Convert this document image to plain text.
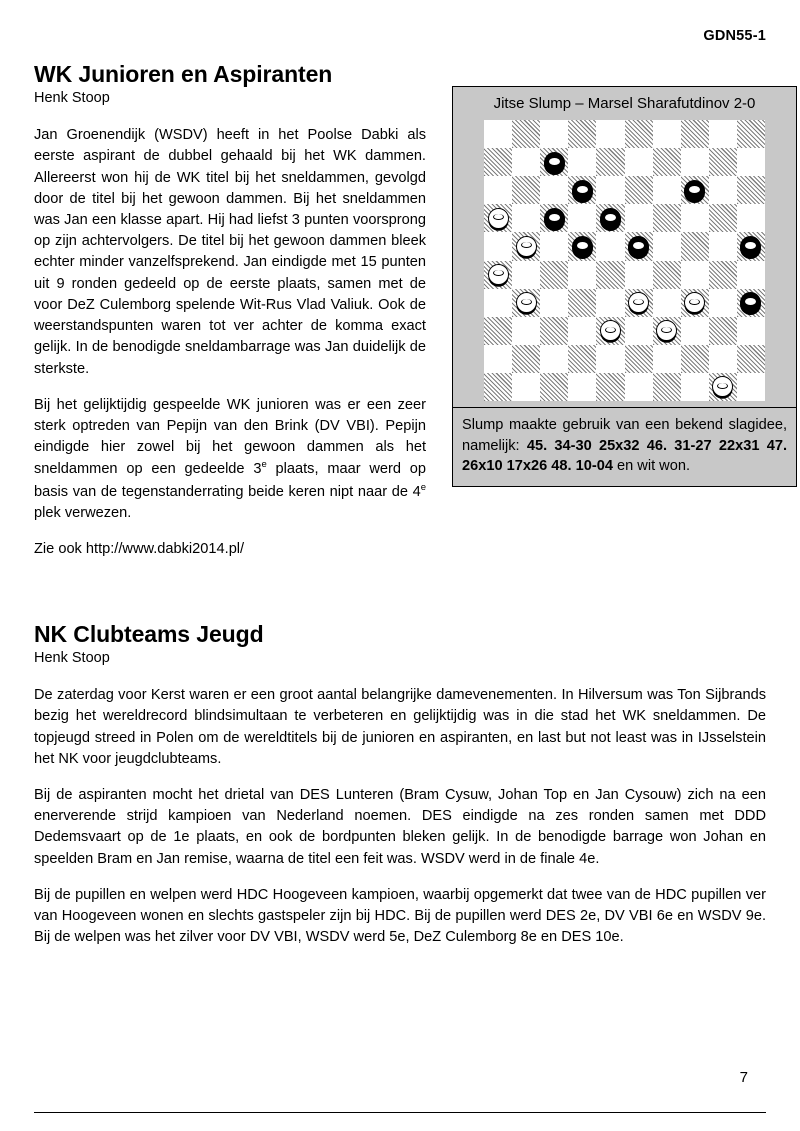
GDN55-1
WK Junioren en Aspiranten
Henk Stoop

Jan Groenendijk (WSDV) heeft in het Poolse Dabki als eerste aspirant de dubbel gehaald bij het WK dammen. Allereerst won hij de WK titel bij het sneldammen, gevolgd door de titel bij het gewoon dammen. Bij het sneldammen was Jan een klasse apart. Hij had liefst 3 punten voorsprong op zijn achtervolgers. De titel bij het gewoon dammen bleek echter minder vanzelfsprekend. Jan eindigde met 15 punten uit 9 ronden gedeeld op de eerste plaats, samen met de voor DeZ Culemborg spelende Wit-Rus Vlad Valiuk. Ook de weerstandspunten waren tot ver achter de komma exact gelijk. In de benodigde sneldambarrage was Jan duidelijk de sterkste.

Bij het gelijktijdig gespeelde WK junioren was er een zeer sterk optreden van Pepijn van den Brink (DV VBI). Pepijn eindigde hier zowel bij het gewoon dammen als het sneldammen op een gedeelde 3e plaats, maar werd op basis van de tegenstanderrating beide keren nipt naar de 4e plek verwezen.

Zie ook http://www.dabki2014.pl/

Jitse Slump – Marsel Sharafutdinov 2-0
Slump maakte gebruik van een bekend slagidee, namelijk: 45. 34-30 25x32 46. 31-27 22x31 47. 26x10 17x26 48. 10-04 en wit won.
NK Clubteams Jeugd
Henk Stoop

De zaterdag voor Kerst waren er een groot aantal belangrijke damevenementen. In Hilversum was Ton Sijbrands bezig het wereldrecord blindsimultaan te verbeteren en gelijktijdig was in die stad het WK sneldammen. De topjeugd streed in Polen om de wereldtitels bij de junioren en aspiranten, en last but not least was in IJsselstein het NK voor jeugdclubteams.

Bij de aspiranten mocht het drietal van DES Lunteren (Bram Cysuw, Johan Top en Jan Cysouw) zich na een enerverende strijd kampioen van Nederland noemen. DES eindigde na zes ronden samen met DDD Dedemsvaart op de 1e plaats, en ook de bordpunten bleken gelijk. In de benodigde barrage won Johan en speelden Bram en Jan remise, waarna de titel een feit was. WSDV werd in de finale 4e.

Bij de pupillen en welpen werd HDC Hoogeveen kampioen, waarbij opgemerkt dat twee van de HDC pupillen ver van Hoogeveen wonen en slechts gastspeler zijn bij HDC. Bij de pupillen werd DES 2e, DV VBI 6e en WSDV 9e. Bij de welpen was het zilver voor DV VBI, WSDV werd 5e, DeZ Culemborg 8e en DES 10e.

7
